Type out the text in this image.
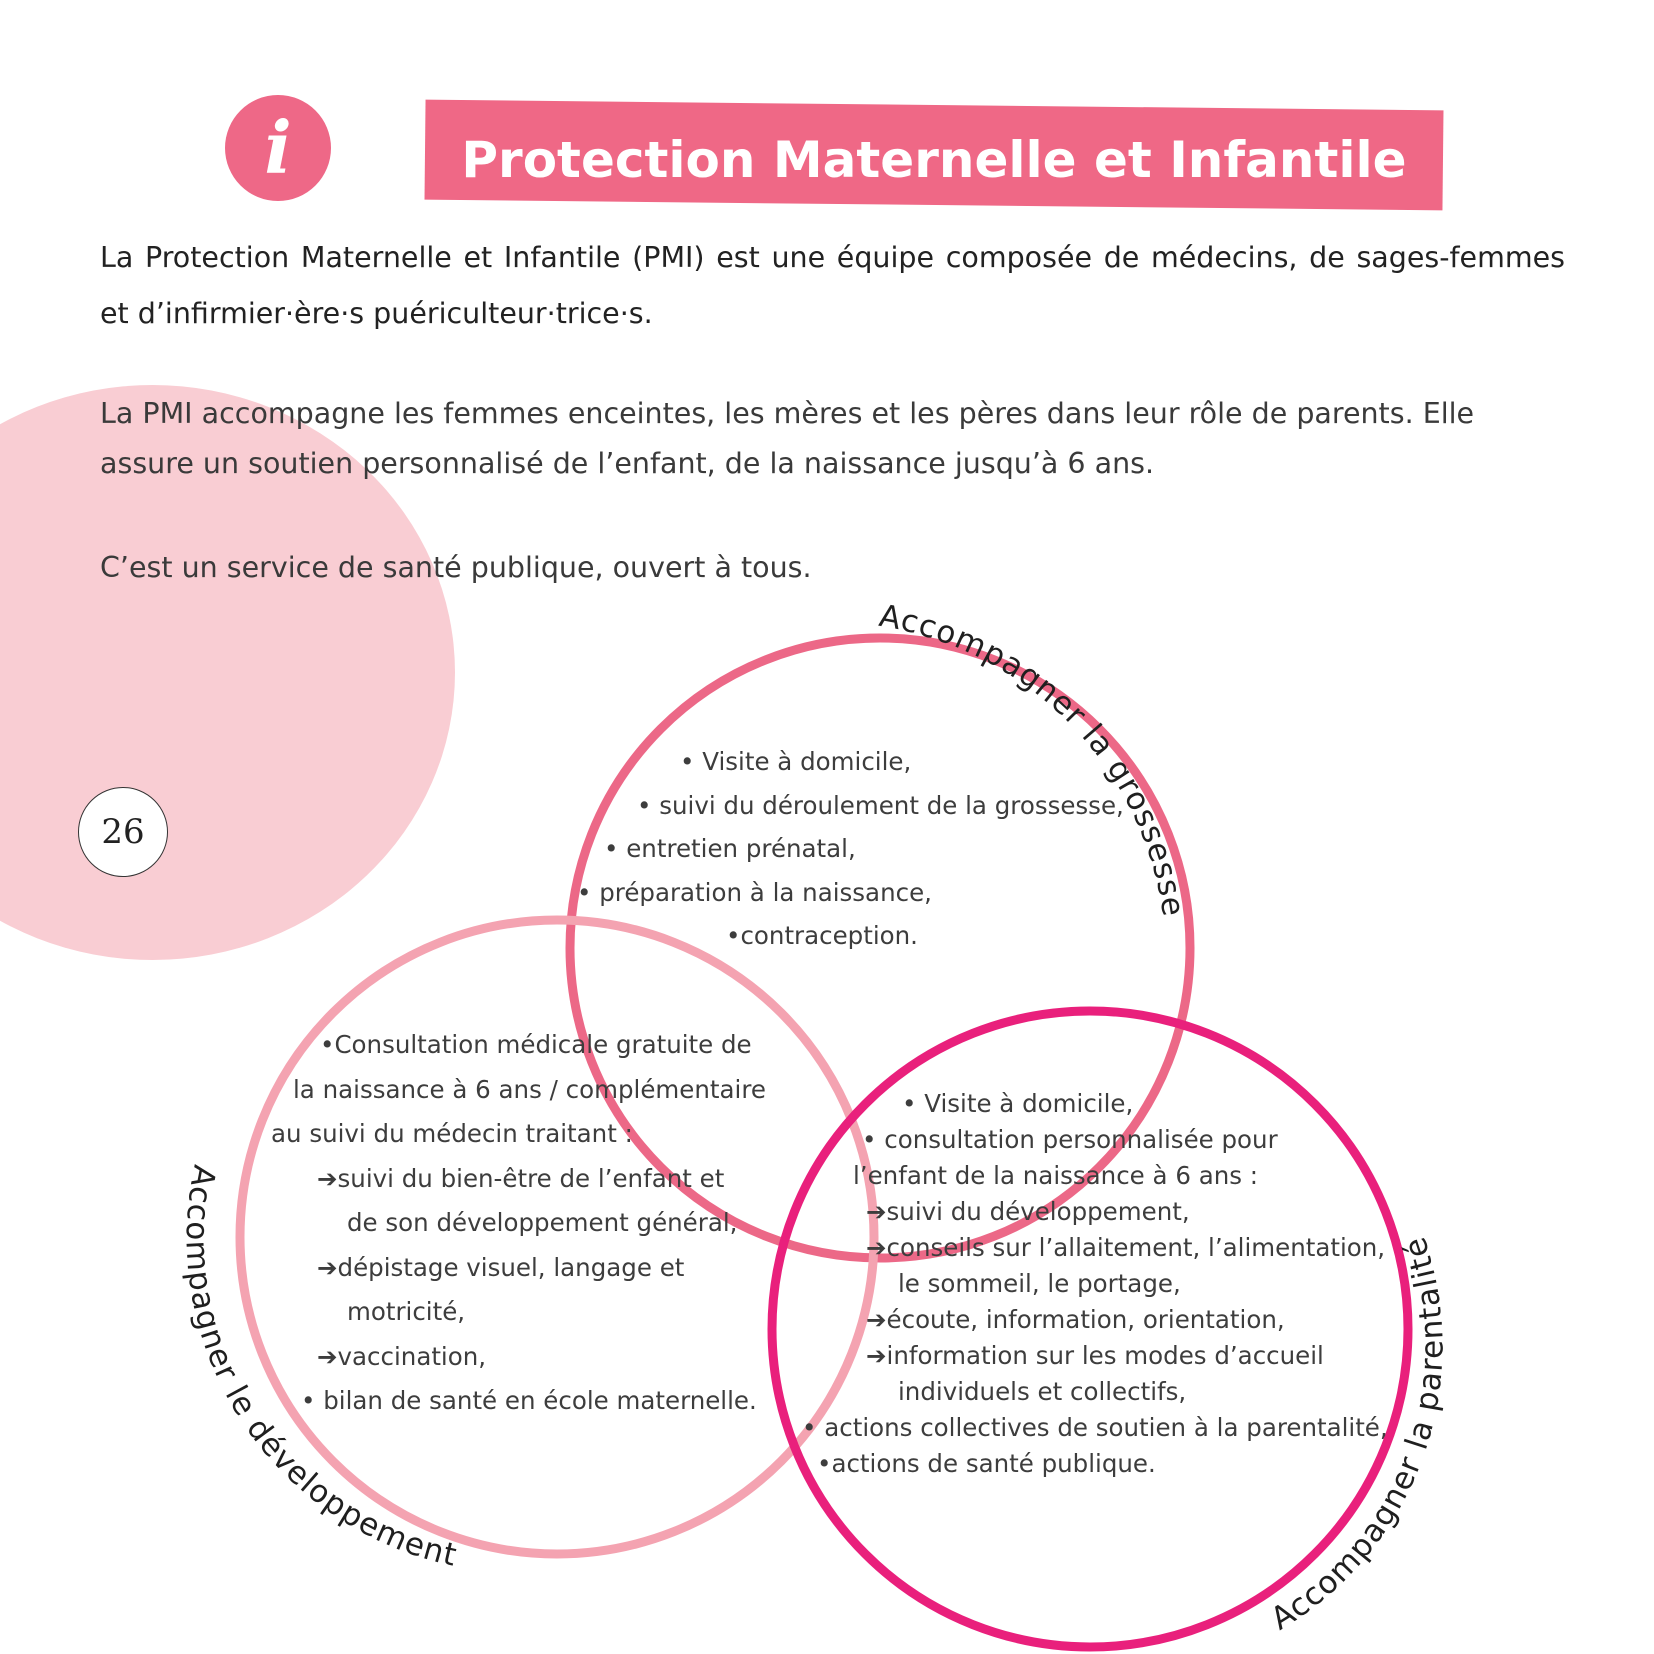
i	Protection Maternelle et Infantile

La Protection Maternelle et Infantile (PMI) est une équipe composée de médecins, de sages-femmes et d’infirmier·ère·s puériculteur·trice·s.

La PMI accompagne les femmes enceintes, les mères et les pères dans leur rôle de parents. Elle assure un soutien personnalisé de l’enfant, de la naissance jusqu’à 6 ans.

C’est un service de santé publique, ouvert à tous.

26
Accompagner la grossesse
Accompagner le développement
Accompagner la parentalité
• Visite à domicile,
• suivi du déroulement de la grossesse,
• entretien prénatal,
• préparation à la naissance,
•contraception.
•Consultation médicale gratuite de
la naissance à 6 ans / complémentaire
au suivi du médecin traitant :
➔suivi du bien-être de l’enfant et
de son développement général,
➔dépistage visuel, langage et
motricité,
➔vaccination,
• bilan de santé en école maternelle.
• Visite à domicile,
• consultation personnalisée pour
l’enfant de la naissance à 6 ans :
➔suivi du développement,
➔conseils sur l’allaitement, l’alimentation,
le sommeil, le portage,
➔écoute, information, orientation,
➔information sur les modes d’accueil
individuels et collectifs,
• actions collectives de soutien à la parentalité,
•actions de santé publique.
